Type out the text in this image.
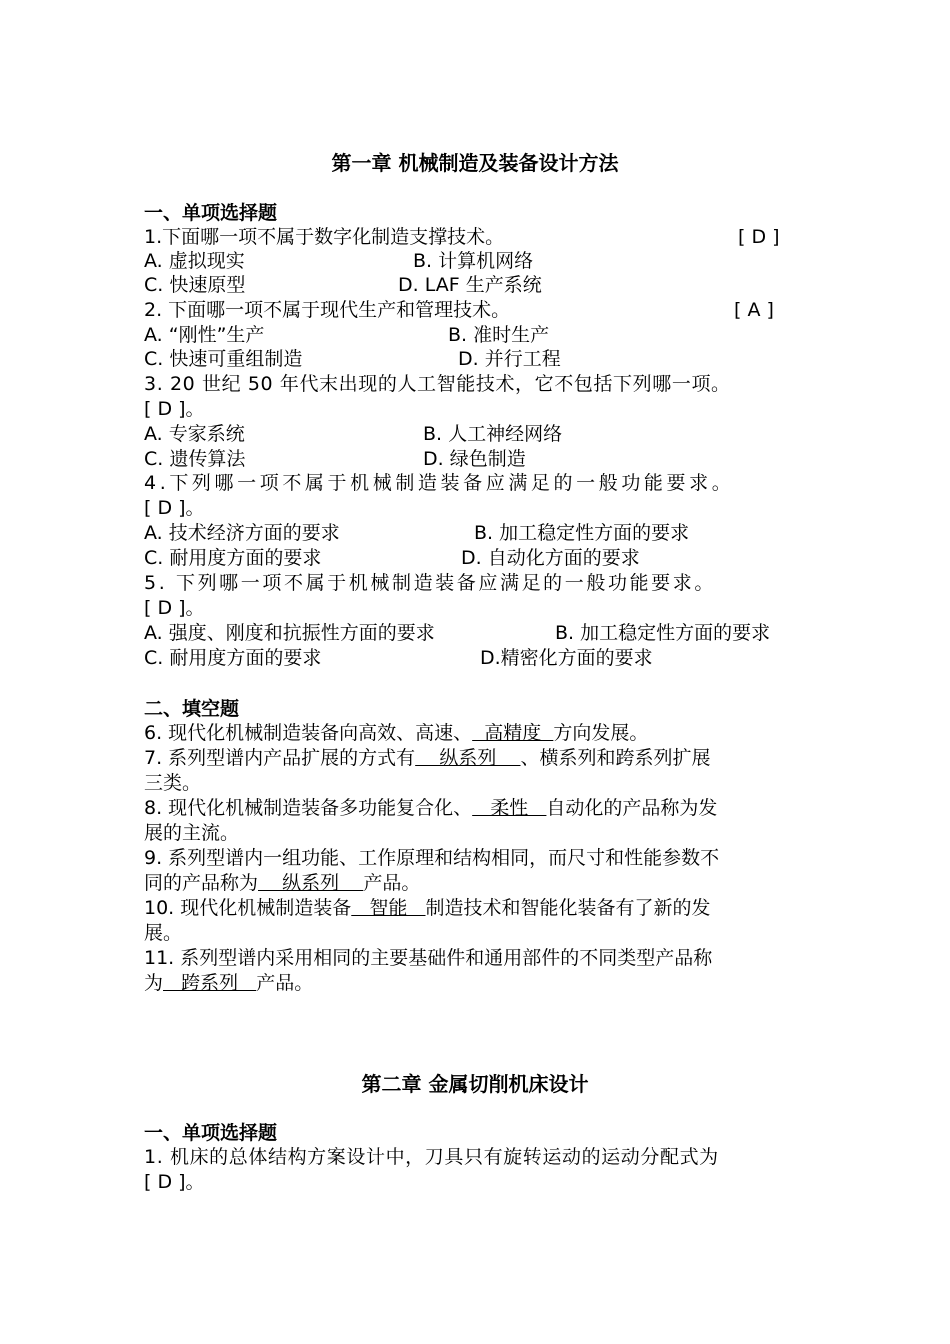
第一章 机械制造及装备设计方法
一、单项选择题
1.下面哪一项不属于数字化制造支撑技术。	[ D ]
A. 虚拟现实	B. 计算机网络
C. 快速原型	D. LAF 生产系统
2. 下面哪一项不属于现代生产和管理技术。	[ A ]
A. “刚性”生产	B. 准时生产
C. 快速可重组制造	D. 并行工程
3. 20 世纪 50 年代末出现的人工智能技术，它不包括下列哪一项。
[ D ]。
A. 专家系统	B. 人工神经网络
C. 遗传算法	D. 绿色制造
4.下列哪一项不属于机械制造装备应满足的一般功能要求。
[ D ]。
A. 技术经济方面的要求	B. 加工稳定性方面的要求
C. 耐用度方面的要求	D. 自动化方面的要求
5. 下列哪一项不属于机械制造装备应满足的一般功能要求。
[ D ]。
A. 强度、刚度和抗振性方面的要求	B. 加工稳定性方面的要求
C. 耐用度方面的要求	D.精密化方面的要求
二、填空题
6. 现代化机械制造装备向高效、高速、  高精度  方向发展。
7. 系列型谱内产品扩展的方式有    纵系列    、横系列和跨系列扩展
三类。
8. 现代化机械制造装备多功能复合化、   柔性   自动化的产品称为发
展的主流。
9. 系列型谱内一组功能、工作原理和结构相同，而尺寸和性能参数不
同的产品称为    纵系列    产品。
10. 现代化机械制造装备   智能   制造技术和智能化装备有了新的发
展。
11. 系列型谱内采用相同的主要基础件和通用部件的不同类型产品称
为   跨系列   产品。
第二章 金属切削机床设计
一、单项选择题
1. 机床的总体结构方案设计中，刀具只有旋转运动的运动分配式为
[ D ]。
